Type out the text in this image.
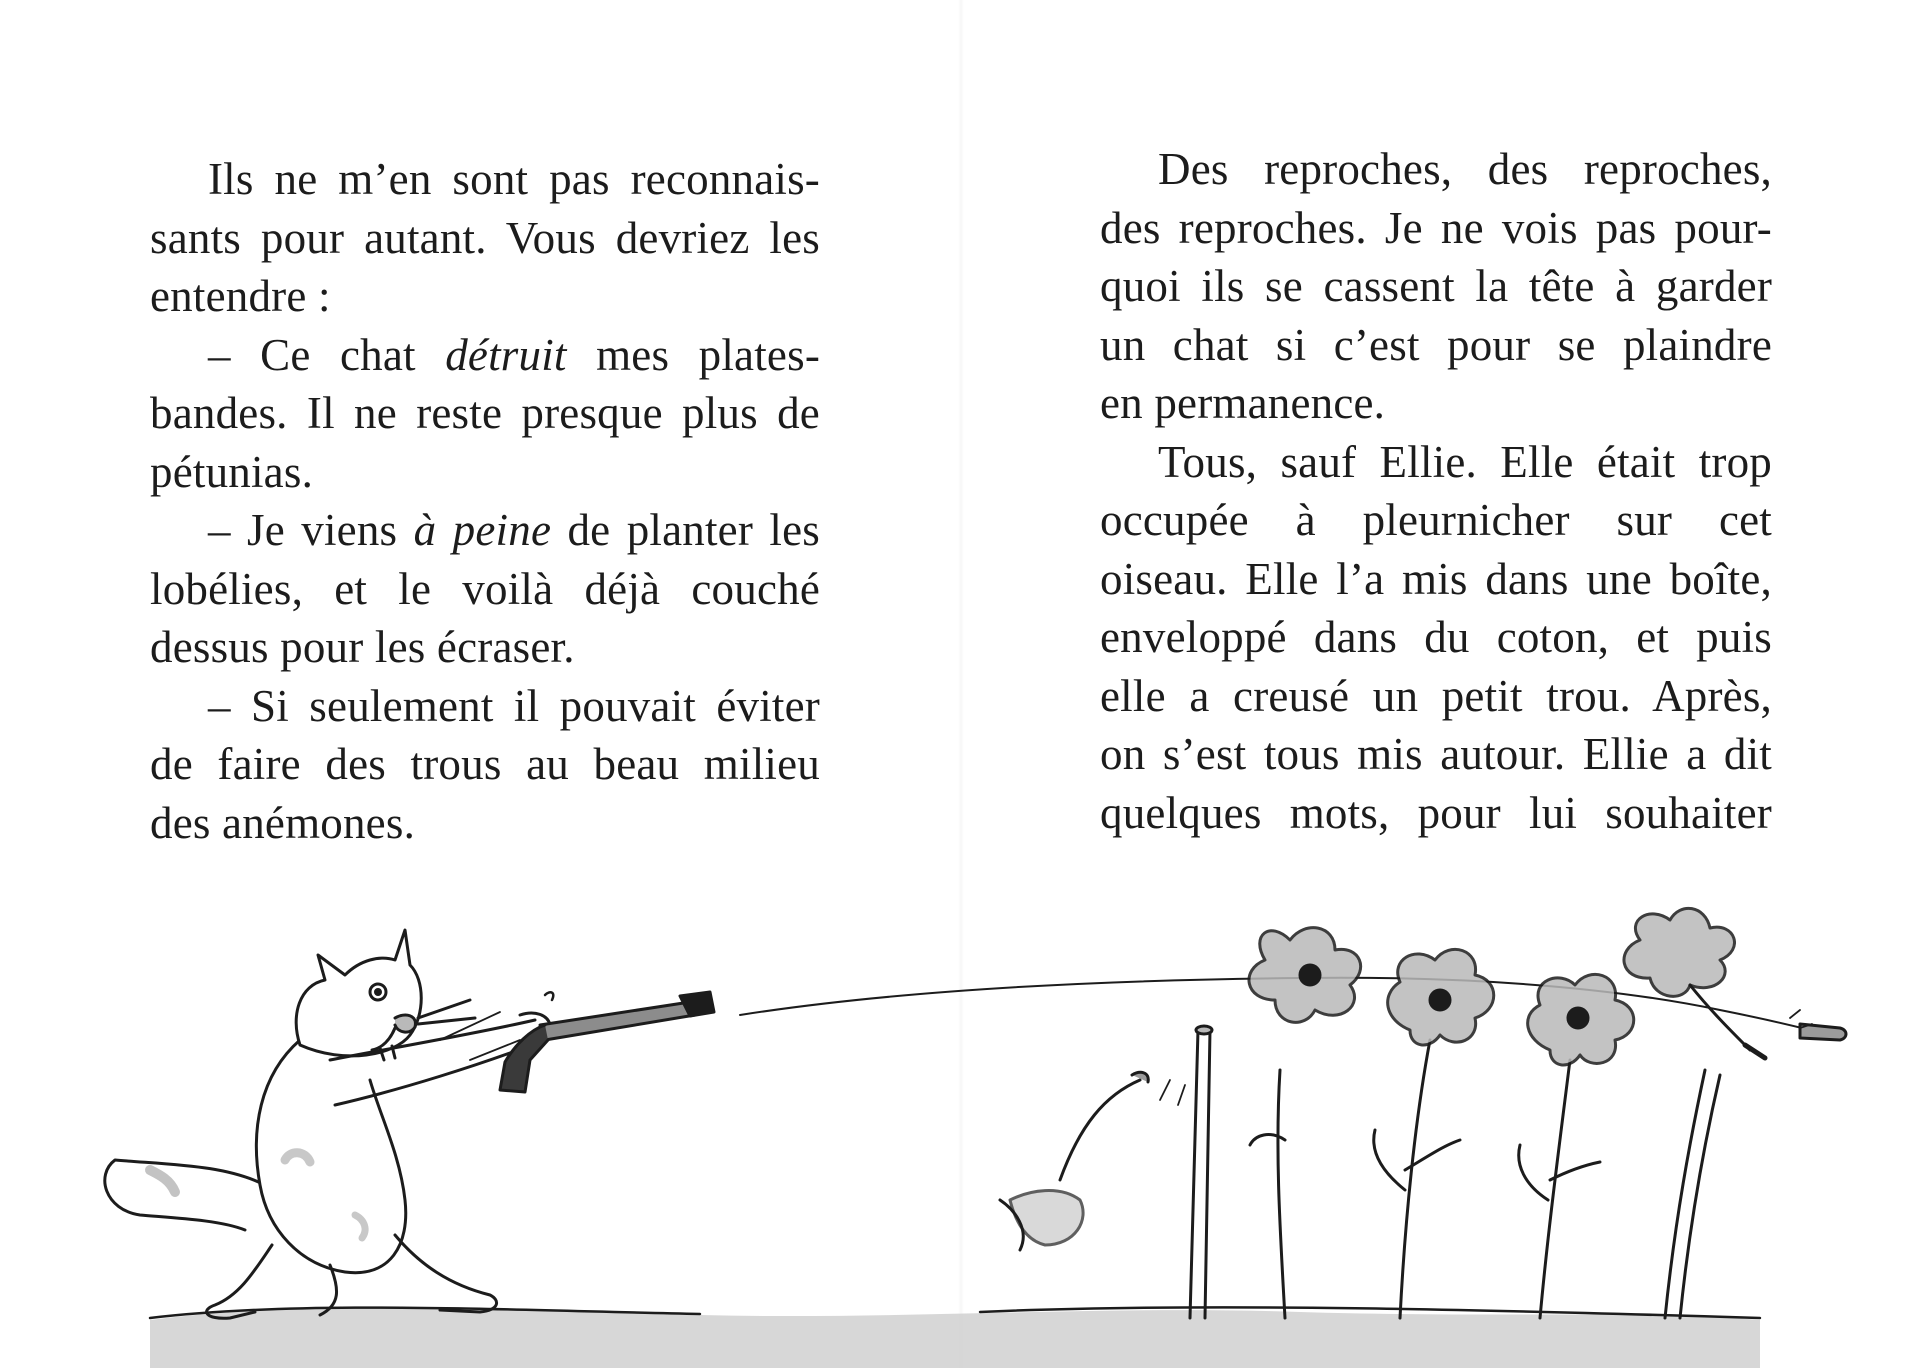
Ils ne m’en sont pas reconnais-
sants pour autant. Vous devriez les
entendre :
– Ce chat détruit mes plates-
bandes. Il ne reste presque plus de
pétunias.
– Je viens à peine de planter les
lobélies, et le voilà déjà couché
dessus pour les écraser.
– Si seulement il pouvait éviter
de faire des trous au beau milieu
des anémones.
Des reproches, des reproches,
des reproches. Je ne vois pas pour-
quoi ils se cassent la tête à garder
un chat si c’est pour se plaindre
en permanence.
Tous, sauf Ellie. Elle était trop
occupée à pleurnicher sur cet
oiseau. Elle l’a mis dans une boîte,
enveloppé dans du coton, et puis
elle a creusé un petit trou. Après,
on s’est tous mis autour. Ellie a dit
quelques mots, pour lui souhaiter
